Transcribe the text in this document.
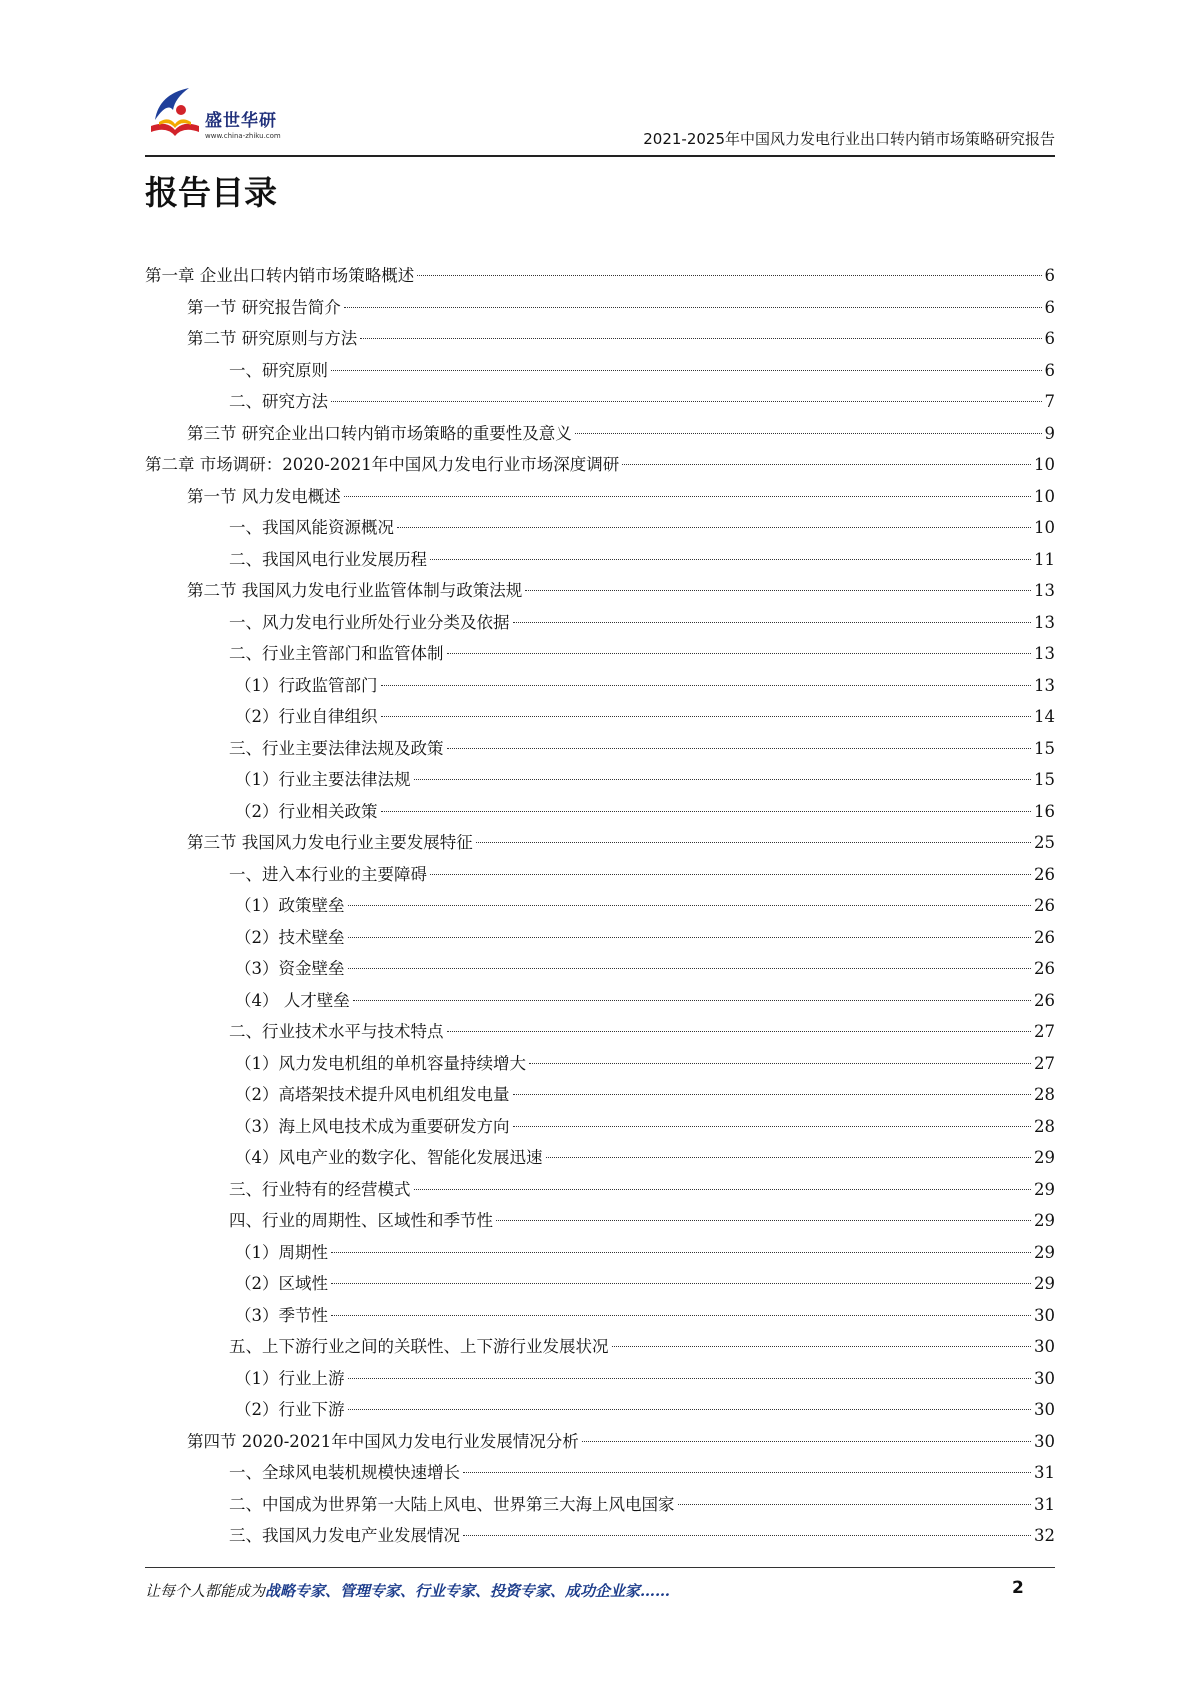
盛世华研
www.china-zhiku.com	2021-2025年中国风力发电行业出口转内销市场策略研究报告
报告目录
第一章 企业出口转内销市场策略概述	6
第一节 研究报告简介	6
第二节 研究原则与方法	6
一、研究原则	6
二、研究方法	7
第三节 研究企业出口转内销市场策略的重要性及意义	9
第二章 市场调研：2020-2021年中国风力发电行业市场深度调研	10
第一节 风力发电概述	10
一、我国风能资源概况	10
二、我国风电行业发展历程	11
第二节 我国风力发电行业监管体制与政策法规	13
一、风力发电行业所处行业分类及依据	13
二、行业主管部门和监管体制	13
（1）行政监管部门	13
（2）行业自律组织	14
三、行业主要法律法规及政策	15
（1）行业主要法律法规	15
（2）行业相关政策	16
第三节 我国风力发电行业主要发展特征	25
一、进入本行业的主要障碍	26
（1）政策壁垒	26
（2）技术壁垒	26
（3）资金壁垒	26
（4） 人才壁垒	26
二、行业技术水平与技术特点	27
（1）风力发电机组的单机容量持续增大	27
（2）高塔架技术提升风电机组发电量	28
（3）海上风电技术成为重要研发方向	28
（4）风电产业的数字化、智能化发展迅速	29
三、行业特有的经营模式	29
四、行业的周期性、区域性和季节性	29
（1）周期性	29
（2）区域性	29
（3）季节性	30
五、上下游行业之间的关联性、上下游行业发展状况	30
（1）行业上游	30
（2）行业下游	30
第四节 2020-2021年中国风力发电行业发展情况分析	30
一、全球风电装机规模快速增长	31
二、中国成为世界第一大陆上风电、世界第三大海上风电国家	31
三、我国风力发电产业发展情况	32
让每个人都能成为战略专家、管理专家、行业专家、投资专家、成功企业家……	2
